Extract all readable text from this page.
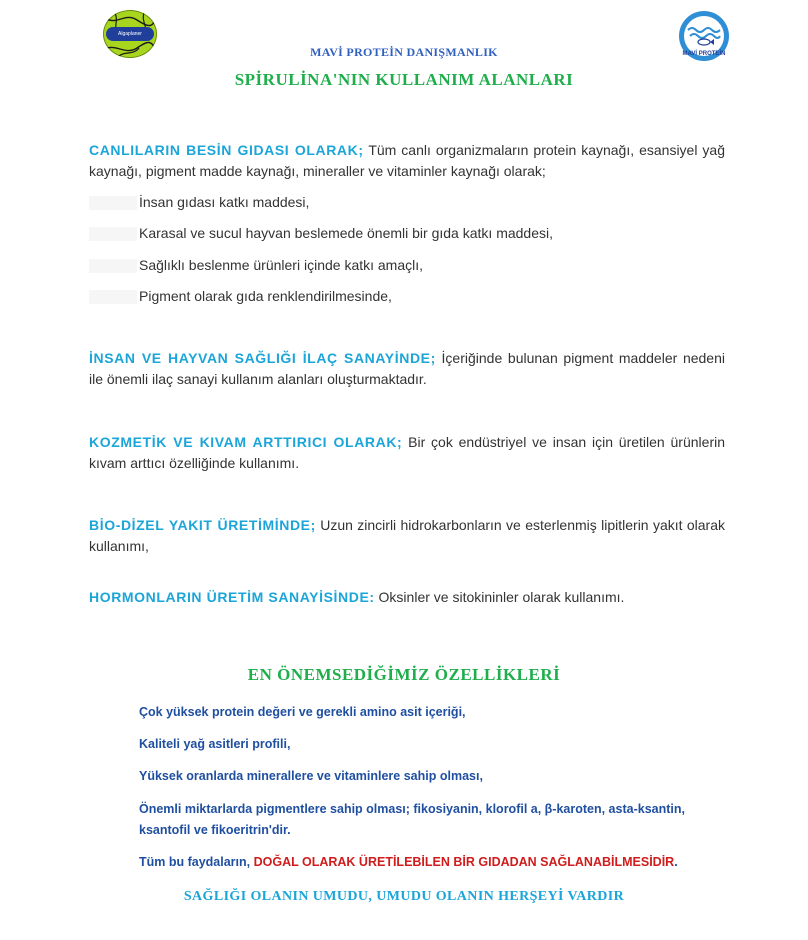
Algaplaner
MAVİ PROTEİN
MAVİ PROTEİN DANIŞMANLIK
SPİRULİNA'NIN KULLANIM ALANLARI
CANLILARIN BESİN GIDASI OLARAK; Tüm canlı organizmaların protein kaynağı, esansiyel yağ kaynağı, pigment madde kaynağı, mineraller ve vitaminler kaynağı olarak;
İnsan gıdası katkı maddesi,
Karasal ve sucul hayvan beslemede önemli bir gıda katkı maddesi,
Sağlıklı beslenme ürünleri içinde katkı amaçlı,
Pigment olarak gıda renklendirilmesinde,
İNSAN VE HAYVAN SAĞLIĞI İLAÇ SANAYİNDE; İçeriğinde bulunan pigment maddeler nedeni ile önemli ilaç sanayi kullanım alanları oluşturmaktadır.
KOZMETİK VE KIVAM ARTTIRICI OLARAK; Bir çok endüstriyel ve insan için üretilen ürünlerin kıvam arttıcı özelliğinde kullanımı.
BİO-DİZEL YAKIT ÜRETİMİNDE; Uzun zincirli hidrokarbonların ve esterlenmiş lipitlerin yakıt olarak kullanımı,
HORMONLARIN ÜRETİM SANAYİSİNDE: Oksinler ve sitokininler olarak kullanımı.
EN ÖNEMSEDİĞİMİZ ÖZELLİKLERİ
Çok yüksek protein değeri ve gerekli amino asit içeriği,
Kaliteli yağ asitleri profili,
Yüksek oranlarda minerallere ve vitaminlere sahip olması,
Önemli miktarlarda pigmentlere sahip olması; fikosiyanin, klorofil a, β-karoten, asta-ksantin, ksantofil ve fikoeritrin'dir.
Tüm bu faydaların, DOĞAL OLARAK ÜRETİLEBİLEN BİR GIDADAN SAĞLANABİLMESİDİR.
SAĞLIĞI OLANIN UMUDU, UMUDU OLANIN HERŞEYİ VARDIR
